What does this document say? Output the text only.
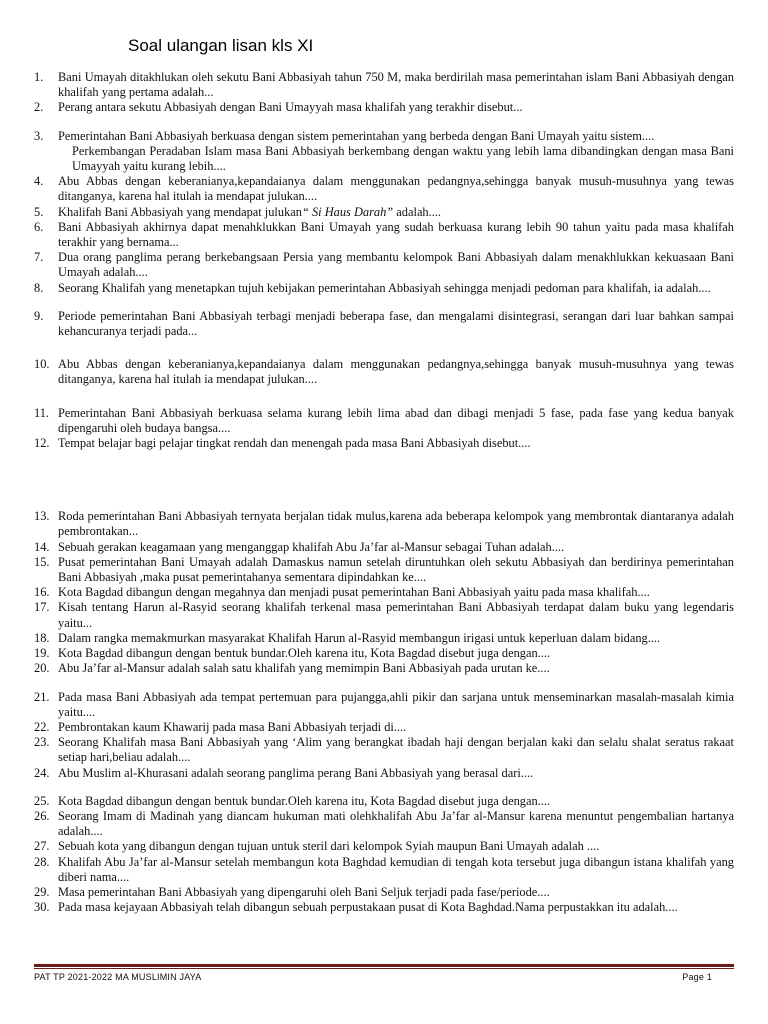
Soal ulangan lisan kls XI
1. Bani Umayah ditakhlukan oleh sekutu Bani Abbasiyah tahun 750 M, maka berdirilah masa pemerintahan islam Bani Abbasiyah dengan khalifah yang pertama adalah...
2. Perang antara sekutu Abbasiyah dengan Bani Umayyah masa khalifah yang terakhir disebut...
3. Pemerintahan Bani Abbasiyah berkuasa dengan sistem pemerintahan yang berbeda dengan Bani Umayah yaitu sistem....
Perkembangan Peradaban Islam masa Bani Abbasiyah berkembang dengan waktu yang lebih lama dibandingkan dengan masa Bani Umayyah yaitu kurang lebih....
4. Abu Abbas dengan keberanianya,kepandaianya dalam menggunakan pedangnya,sehingga banyak musuh-musuhnya yang tewas ditanganya, karena hal itulah ia mendapat julukan....
5. Khalifah Bani Abbasiyah yang mendapat julukan“ Si Haus Darah” adalah....
6. Bani Abbasiyah akhirnya dapat menahklukkan Bani Umayah yang sudah berkuasa kurang lebih 90 tahun yaitu pada masa khalifah terakhir yang bernama...
7. Dua orang panglima perang berkebangsaan Persia yang membantu kelompok Bani Abbasiyah dalam menakhlukkan kekuasaan Bani Umayah adalah....
8. Seorang Khalifah yang menetapkan tujuh kebijakan pemerintahan Abbasiyah sehingga menjadi pedoman para khalifah, ia adalah....
9. Periode pemerintahan Bani Abbasiyah terbagi menjadi beberapa fase, dan mengalami disintegrasi, serangan dari luar bahkan sampai kehancuranya terjadi pada...
10. Abu Abbas dengan keberanianya,kepandaianya dalam menggunakan pedangnya,sehingga banyak musuh-musuhnya yang tewas ditanganya, karena hal itulah ia mendapat julukan....
11. Pemerintahan Bani Abbasiyah berkuasa selama kurang lebih lima abad dan dibagi menjadi 5 fase, pada fase yang kedua banyak dipengaruhi oleh budaya bangsa....
12. Tempat belajar bagi pelajar tingkat rendah dan menengah pada masa Bani Abbasiyah disebut....
13. Roda pemerintahan Bani Abbasiyah ternyata berjalan tidak mulus,karena ada beberapa kelompok yang membrontak diantaranya adalah pembrontakan...
14. Sebuah gerakan keagamaan yang menganggap khalifah Abu Ja’far al-Mansur sebagai Tuhan adalah....
15. Pusat pemerintahan Bani Umayah adalah Damaskus namun setelah diruntuhkan oleh sekutu Abbasiyah dan berdirinya pemerintahan Bani Abbasiyah ,maka pusat pemerintahanya sementara dipindahkan ke....
16. Kota Bagdad dibangun dengan megahnya dan menjadi pusat pemerintahan Bani Abbasiyah yaitu pada masa khalifah....
17. Kisah tentang Harun al-Rasyid seorang khalifah terkenal masa pemerintahan Bani Abbasiyah terdapat dalam buku yang legendaris yaitu...
18. Dalam rangka memakmurkan masyarakat Khalifah Harun al-Rasyid membangun irigasi untuk keperluan dalam bidang....
19. Kota Bagdad dibangun dengan bentuk bundar.Oleh karena itu, Kota Bagdad disebut juga dengan....
20. Abu Ja’far al-Mansur adalah salah satu khalifah yang memimpin Bani Abbasiyah pada urutan ke....
21. Pada masa Bani Abbasiyah ada tempat pertemuan para pujangga,ahli pikir dan sarjana untuk menseminarkan masalah-masalah kimia yaitu....
22. Pembrontakan kaum Khawarij pada masa Bani Abbasiyah terjadi di....
23. Seorang Khalifah masa Bani Abbasiyah yang ‘Alim yang berangkat ibadah haji dengan berjalan kaki dan selalu shalat seratus rakaat setiap hari,beliau adalah....
24. Abu Muslim al-Khurasani adalah seorang panglima perang Bani Abbasiyah yang berasal dari....
25. Kota Bagdad dibangun dengan bentuk bundar.Oleh karena itu, Kota Bagdad disebut juga dengan....
26. Seorang Imam di Madinah yang diancam hukuman mati olehkhalifah Abu Ja’far al-Mansur karena menuntut pengembalian hartanya adalah....
27. Sebuah kota yang dibangun dengan tujuan untuk steril dari kelompok Syiah maupun Bani Umayah adalah ....
28. Khalifah Abu Ja’far al-Mansur setelah membangun kota Baghdad kemudian di tengah kota tersebut juga dibangun istana khalifah yang diberi nama....
29. Masa pemerintahan Bani Abbasiyah yang dipengaruhi oleh Bani Seljuk terjadi pada fase/periode....
30. Pada masa kejayaan Abbasiyah telah dibangun sebuah perpustakaan pusat di Kota Baghdad.Nama perpustakkan itu adalah....
PAT TP 2021-2022 MA MUSLIMIN JAYA	Page 1
